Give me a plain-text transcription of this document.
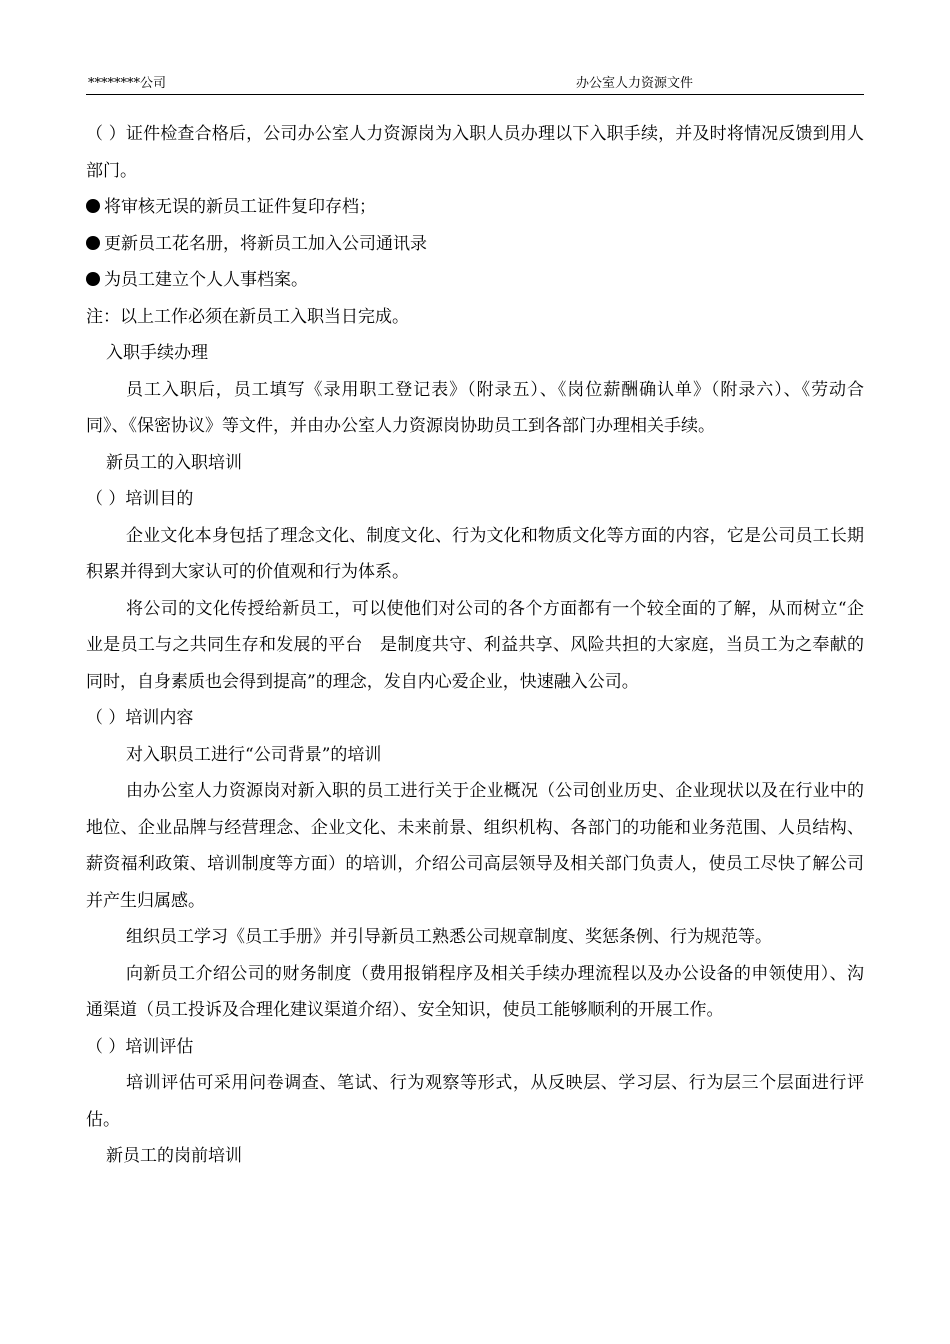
********公司	办公室人力资源文件

（ ）证件检查合格后，公司办公室人力资源岗为入职人员办理以下入职手续，并及时将情况反馈到用人部门。

将审核无误的新员工证件复印存档；

更新员工花名册，将新员工加入公司通讯录

为员工建立个人人事档案。

注：以上工作必须在新员工入职当日完成。

入职手续办理

员工入职后，员工填写《录用职工登记表》（附录五）、《岗位薪酬确认单》（附录六）、《劳动合同》、《保密协议》等文件，并由办公室人力资源岗协助员工到各部门办理相关手续。

新员工的入职培训

（ ）培训目的

企业文化本身包括了理念文化、制度文化、行为文化和物质文化等方面的内容，它是公司员工长期积累并得到大家认可的价值观和行为体系。

将公司的文化传授给新员工，可以使他们对公司的各个方面都有一个较全面的了解，从而树立“企业是员工与之共同生存和发展的平台　是制度共守、利益共享、风险共担的大家庭，当员工为之奉献的同时，自身素质也会得到提高”的理念，发自内心爱企业，快速融入公司。

（ ）培训内容

对入职员工进行“公司背景”的培训

由办公室人力资源岗对新入职的员工进行关于企业概况（公司创业历史、企业现状以及在行业中的地位、企业品牌与经营理念、企业文化、未来前景、组织机构、各部门的功能和业务范围、人员结构、薪资福利政策、培训制度等方面）的培训，介绍公司高层领导及相关部门负责人，使员工尽快了解公司并产生归属感。

组织员工学习《员工手册》并引导新员工熟悉公司规章制度、奖惩条例、行为规范等。

向新员工介绍公司的财务制度（费用报销程序及相关手续办理流程以及办公设备的申领使用）、沟通渠道（员工投诉及合理化建议渠道介绍）、安全知识，使员工能够顺利的开展工作。

（ ）培训评估

培训评估可采用问卷调查、笔试、行为观察等形式，从反映层、学习层、行为层三个层面进行评估。

新员工的岗前培训
